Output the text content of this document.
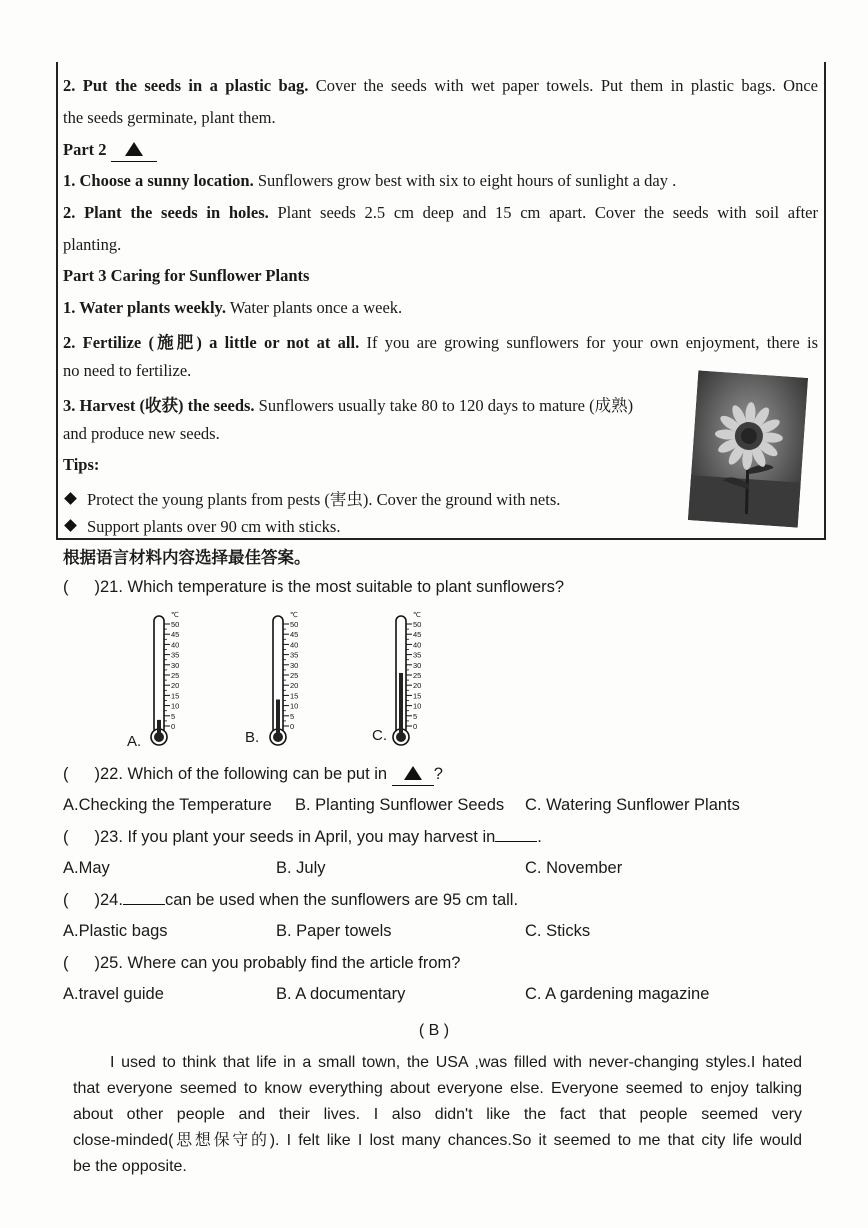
2. Put the seeds in a plastic bag. Cover the seeds with wet paper towels. Put them in plastic bags. Once
the seeds germinate, plant them.
Part 2
1. Choose a sunny location. Sunflowers grow best with six to eight hours of sunlight a day .
2. Plant the seeds in holes. Plant seeds 2.5 cm deep and 15 cm apart. Cover the seeds with soil after
planting.
Part 3 Caring for Sunflower Plants
1. Water plants weekly. Water plants once a week.
2. Fertilize (施肥) a little or not at all. If you are growing sunflowers for your own enjoyment, there is
no need to fertilize.
3. Harvest (收获) the seeds. Sunflowers usually take 80 to 120 days to mature (成熟)
and produce new seeds.
Tips:
Protect the young plants from pests (害虫). Cover the ground with nets.
Support plants over 90 cm with sticks.
根据语言材料内容选择最佳答案。
( )21. Which temperature is the most suitable to plant sunflowers?
50
45
40
35
30
25
20
15
10
5
0
℃
50
45
40
35
30
25
20
15
10
5
0
℃
50
45
40
35
30
25
20
15
10
5
0
℃
A.	B.	C.
( )22. Which of the following can be put in	?
A.Checking the Temperature B. Planting Sunflower Seeds C. Watering Sunflower Plants
( )23. If you plant your seeds in April, you may harvest in	.
A.May	B. July	C. November
( )24.	can be used when the sunflowers are 95 cm tall.
A.Plastic bags	B. Paper towels	C. Sticks
( )25. Where can you probably find the article from?
A.travel guide	B. A documentary	C. A gardening magazine
( B )
I used to think that life in a small town, the USA ,was filled with never-changing styles.I hated
that everyone seemed to know everything about everyone else. Everyone seemed to enjoy talking
about other people and their lives. I also didn't like the fact that people seemed very
close-minded(思想保守的). I felt like I lost many chances.So it seemed to me that city life would
be the opposite.
